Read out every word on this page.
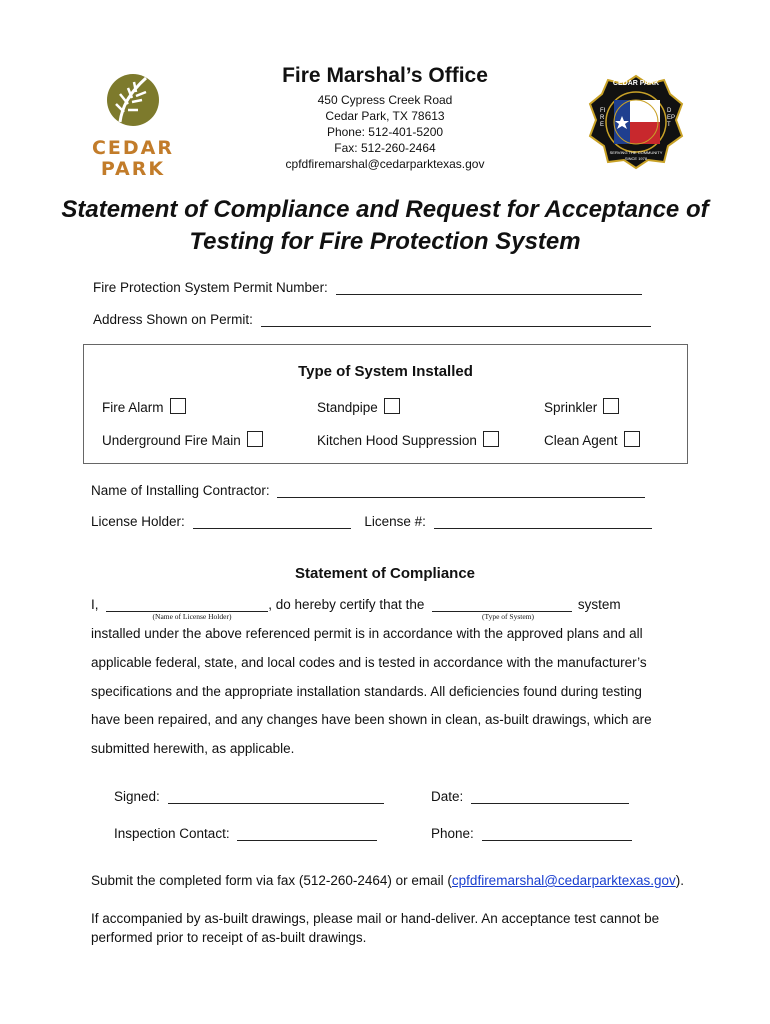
CEDAR
PARK
CEDAR PARK
FIRE
DEPT
SERVING THE COMMUNITY
SINCE 1978
Fire Marshal’s Office
450 Cypress Creek Road
Cedar Park, TX 78613
Phone: 512-401-5200
Fax: 512-260-2464
cpfdfiremarshal@cedarparktexas.gov
Statement of Compliance and Request for Acceptance of
Testing for Fire Protection System
Fire Protection System Permit Number:
Address Shown on Permit:
Type of System Installed
Fire Alarm	Standpipe	Sprinkler
Underground Fire Main	Kitchen Hood Suppression	Clean Agent
Name of Installing Contractor:
License Holder:	License #:
Statement of Compliance
I,	, do hereby certify that the	system
(Name of License Holder)	(Type of System)
installed under the above referenced permit is in accordance with the approved plans and all
applicable federal, state, and local codes and is tested in accordance with the manufacturer’s
specifications and the appropriate installation standards. All deficiencies found during testing
have been repaired, and any changes have been shown in clean, as-built drawings, which are
submitted herewith, as applicable.
Signed:	Date:
Inspection Contact:	Phone:
Submit the completed form via fax (512-260-2464) or email (cpfdfiremarshal@cedarparktexas.gov).
If accompanied by as-built drawings, please mail or hand-deliver. An acceptance test cannot be
performed prior to receipt of as-built drawings.
